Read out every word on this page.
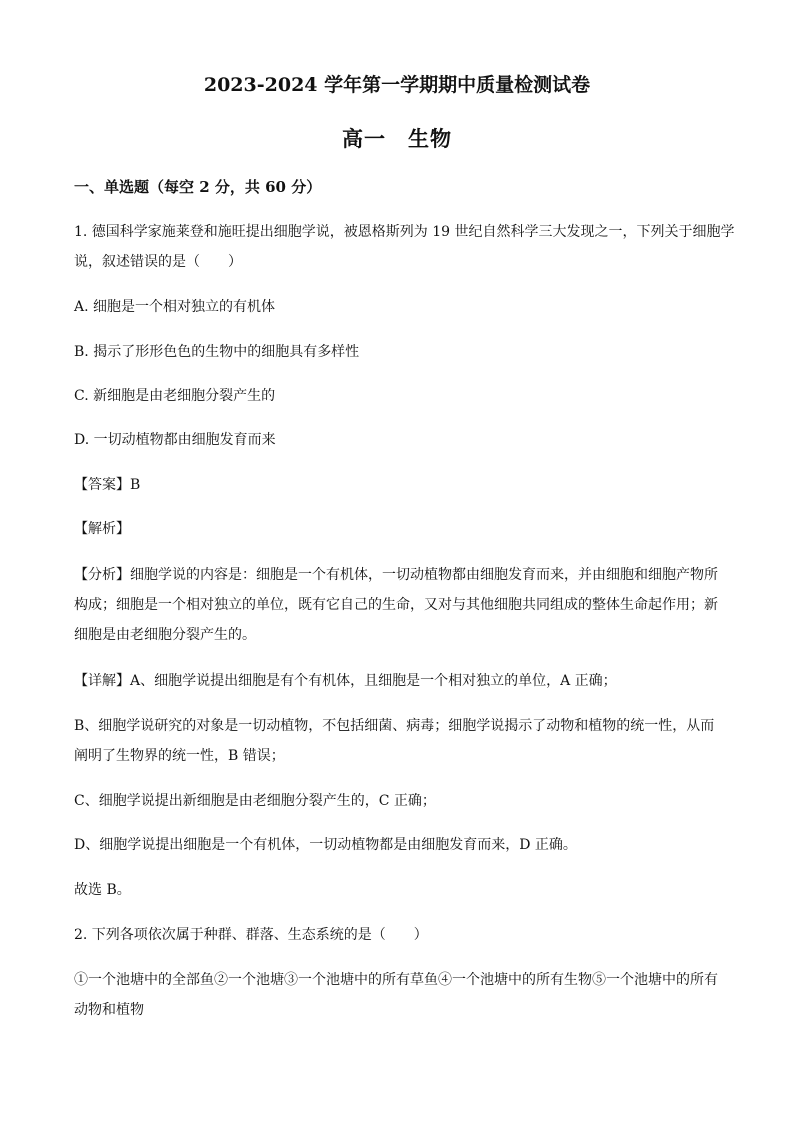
2023-2024 学年第一学期期中质量检测试卷
高一　生物
一、单选题（每空 2 分，共 60 分）
1. 德国科学家施莱登和施旺提出细胞学说，被恩格斯列为 19 世纪自然科学三大发现之一，下列关于细胞学
说，叙述错误的是（　　）
A. 细胞是一个相对独立的有机体
B. 揭示了形形色色的生物中的细胞具有多样性
C. 新细胞是由老细胞分裂产生的
D. 一切动植物都由细胞发育而来
【答案】B
【解析】
【分析】细胞学说的内容是：细胞是一个有机体，一切动植物都由细胞发育而来，并由细胞和细胞产物所
构成；细胞是一个相对独立的单位，既有它自己的生命，又对与其他细胞共同组成的整体生命起作用；新
细胞是由老细胞分裂产生的。
【详解】A、细胞学说提出细胞是有个有机体，且细胞是一个相对独立的单位，A 正确；
B、细胞学说研究的对象是一切动植物，不包括细菌、病毒；细胞学说揭示了动物和植物的统一性，从而
阐明了生物界的统一性，B 错误；
C、细胞学说提出新细胞是由老细胞分裂产生的，C 正确；
D、细胞学说提出细胞是一个有机体，一切动植物都是由细胞发育而来，D 正确。
故选 B。
2. 下列各项依次属于种群、群落、生态系统的是（　　）
①一个池塘中的全部鱼②一个池塘③一个池塘中的所有草鱼④一个池塘中的所有生物⑤一个池塘中的所有
动物和植物
